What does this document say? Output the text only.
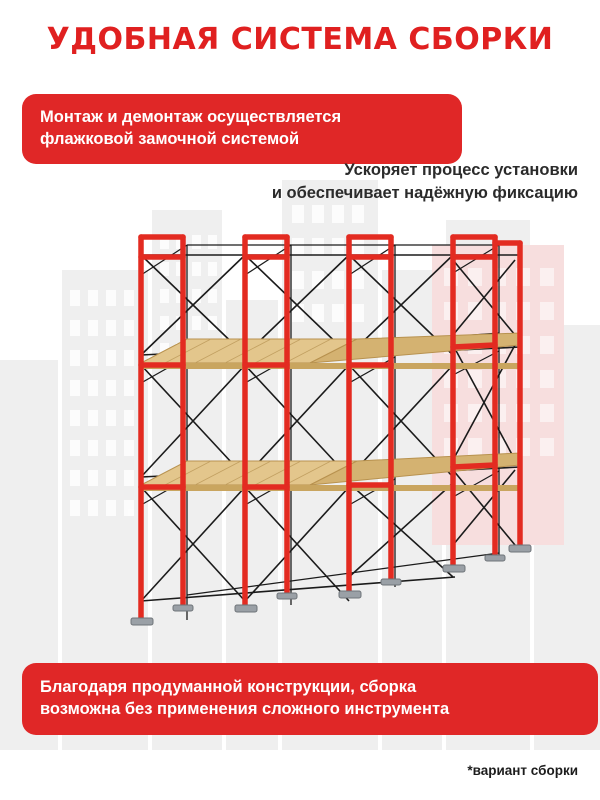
УДОБНАЯ СИСТЕМА СБОРКИ
Монтаж и демонтаж осуществляется
флажковой замочной системой
Ускоряет процесс установки
и обеспечивает надёжную фиксацию
Благодаря продуманной конструкции, сборка
возможна без применения сложного инструмента
*вариант сборки
